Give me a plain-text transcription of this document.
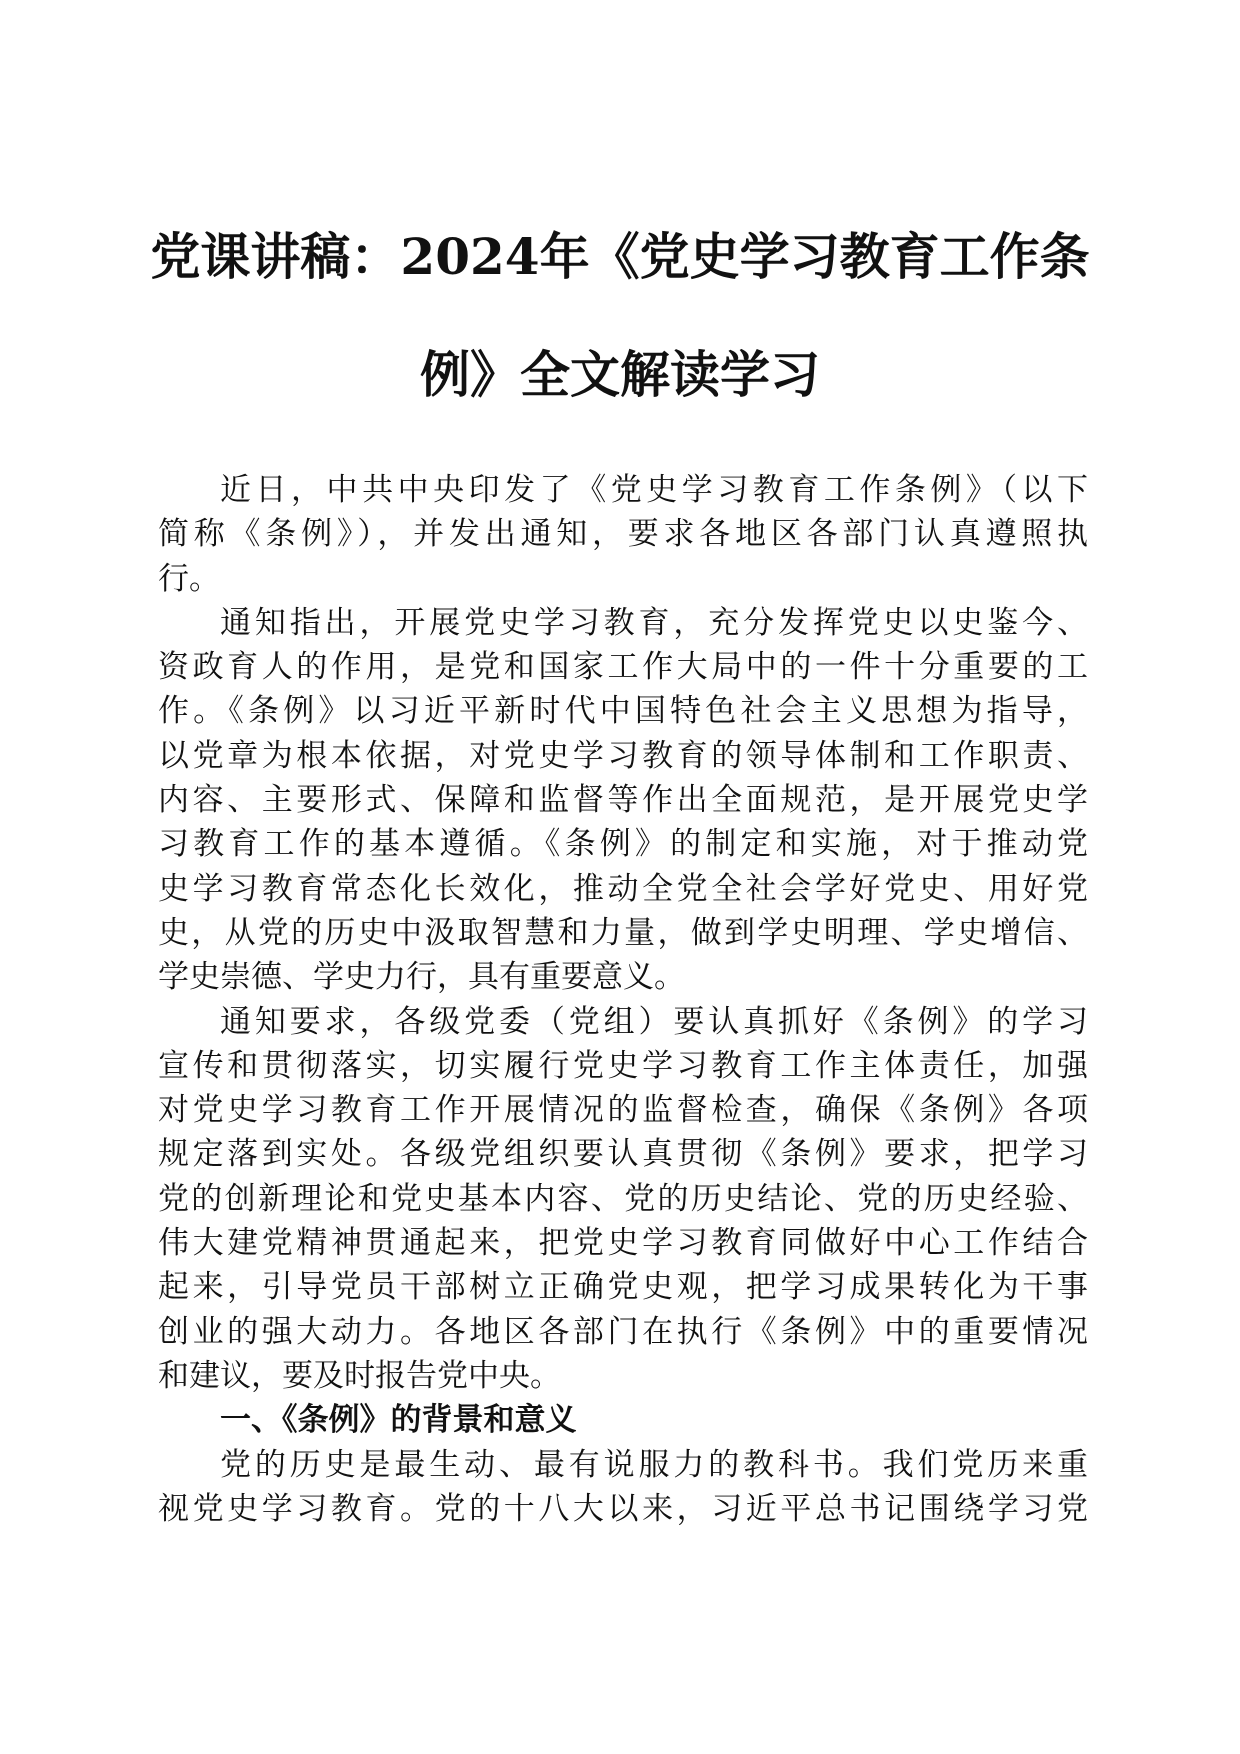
党课讲稿：2024年《党史学习教育工作条
例》全文解读学习
近日，中共中央印发了《党史学习教育工作条例》（以下
简称《条例》），并发出通知，要求各地区各部门认真遵照执
行。
通知指出，开展党史学习教育，充分发挥党史以史鉴今、
资政育人的作用，是党和国家工作大局中的一件十分重要的工
作。《条例》以习近平新时代中国特色社会主义思想为指导，
以党章为根本依据，对党史学习教育的领导体制和工作职责、
内容、主要形式、保障和监督等作出全面规范，是开展党史学
习教育工作的基本遵循。《条例》的制定和实施，对于推动党
史学习教育常态化长效化，推动全党全社会学好党史、用好党
史，从党的历史中汲取智慧和力量，做到学史明理、学史增信、
学史崇德、学史力行，具有重要意义。
通知要求，各级党委（党组）要认真抓好《条例》的学习
宣传和贯彻落实，切实履行党史学习教育工作主体责任，加强
对党史学习教育工作开展情况的监督检查，确保《条例》各项
规定落到实处。各级党组织要认真贯彻《条例》要求，把学习
党的创新理论和党史基本内容、党的历史结论、党的历史经验、
伟大建党精神贯通起来，把党史学习教育同做好中心工作结合
起来，引导党员干部树立正确党史观，把学习成果转化为干事
创业的强大动力。各地区各部门在执行《条例》中的重要情况
和建议，要及时报告党中央。
一、《条例》的背景和意义
党的历史是最生动、最有说服力的教科书。我们党历来重
视党史学习教育。党的十八大以来，习近平总书记围绕学习党
